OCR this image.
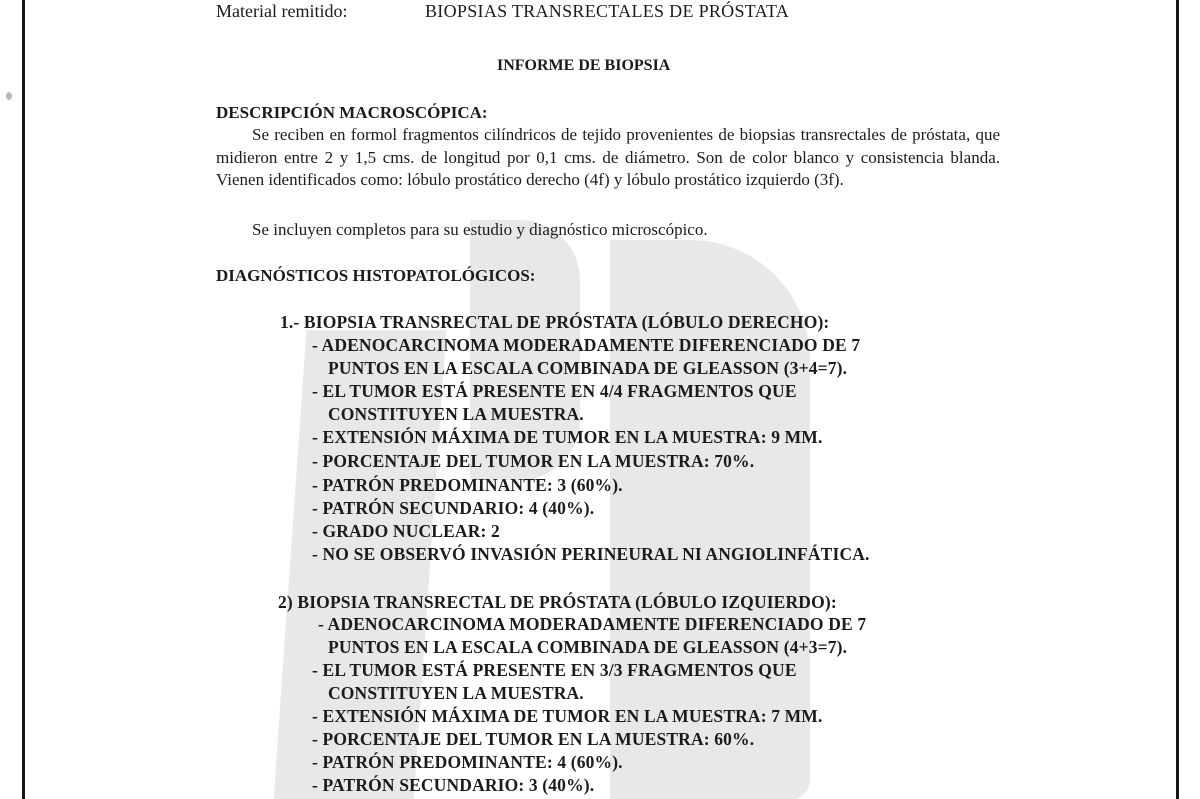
Material remitido:	BIOPSIAS TRANSRECTALES DE PRÓSTATA
INFORME DE BIOPSIA
DESCRIPCIÓN MACROSCÓPICA:
Se reciben en formol fragmentos cilíndricos de tejido provenientes de biopsias transrectales de próstata, que midieron entre 2 y 1,5 cms. de longitud por 0,1 cms. de diámetro. Son de color blanco y consistencia blanda. Vienen identificados como: lóbulo prostático derecho (4f) y lóbulo prostático izquierdo (3f).
Se incluyen completos para su estudio y diagnóstico microscópico.
DIAGNÓSTICOS HISTOPATOLÓGICOS:
1.- BIOPSIA TRANSRECTAL DE PRÓSTATA (LÓBULO DERECHO):
- ADENOCARCINOMA MODERADAMENTE DIFERENCIADO DE 7
PUNTOS EN LA ESCALA COMBINADA DE GLEASSON (3+4=7).
- EL TUMOR ESTÁ PRESENTE EN 4/4 FRAGMENTOS QUE
CONSTITUYEN LA MUESTRA.
- EXTENSIÓN MÁXIMA DE TUMOR EN LA MUESTRA: 9 MM.
- PORCENTAJE DEL TUMOR EN LA MUESTRA: 70%.
- PATRÓN PREDOMINANTE: 3 (60%).
- PATRÓN SECUNDARIO: 4 (40%).
- GRADO NUCLEAR: 2
- NO SE OBSERVÓ INVASIÓN PERINEURAL NI ANGIOLINFÁTICA.
2) BIOPSIA TRANSRECTAL DE PRÓSTATA (LÓBULO IZQUIERDO):
- ADENOCARCINOMA MODERADAMENTE DIFERENCIADO DE 7
PUNTOS EN LA ESCALA COMBINADA DE GLEASSON (4+3=7).
- EL TUMOR ESTÁ PRESENTE EN 3/3 FRAGMENTOS QUE
CONSTITUYEN LA MUESTRA.
- EXTENSIÓN MÁXIMA DE TUMOR EN LA MUESTRA: 7 MM.
- PORCENTAJE DEL TUMOR EN LA MUESTRA: 60%.
- PATRÓN PREDOMINANTE: 4 (60%).
- PATRÓN SECUNDARIO: 3 (40%).
